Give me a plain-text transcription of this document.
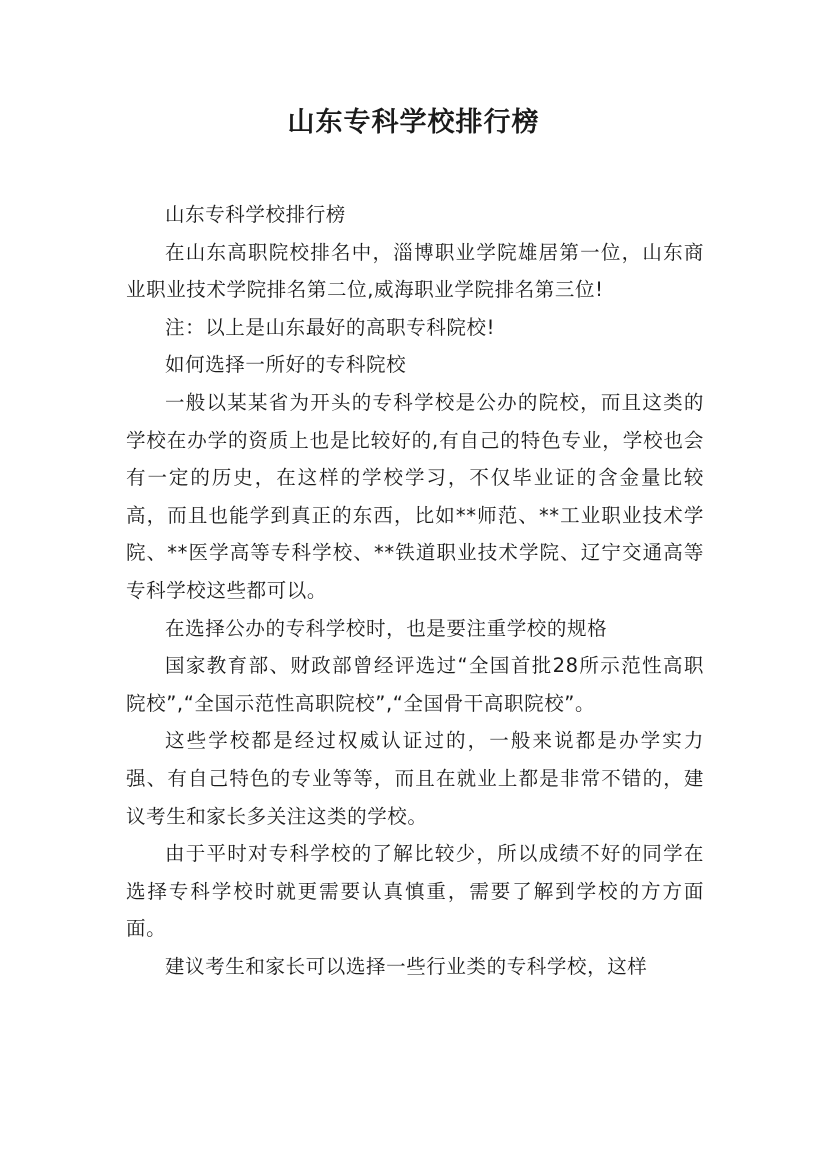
山东专科学校排行榜

山东专科学校排行榜

在山东高职院校排名中，淄博职业学院雄居第一位，山东商业职业技术学院排名第二位,威海职业学院排名第三位!

注：以上是山东最好的高职专科院校!

如何选择一所好的专科院校

一般以某某省为开头的专科学校是公办的院校，而且这类的学校在办学的资质上也是比较好的,有自己的特色专业，学校也会有一定的历史，在这样的学校学习，不仅毕业证的含金量比较高，而且也能学到真正的东西，比如**师范、**工业职业技术学院、**医学高等专科学校、**铁道职业技术学院、辽宁交通高等专科学校这些都可以。

在选择公办的专科学校时，也是要注重学校的规格

国家教育部、财政部曾经评选过“全国首批28所示范性高职院校”,“全国示范性高职院校”,“全国骨干高职院校”。

这些学校都是经过权威认证过的，一般来说都是办学实力强、有自己特色的专业等等，而且在就业上都是非常不错的，建议考生和家长多关注这类的学校。

由于平时对专科学校的了解比较少，所以成绩不好的同学在选择专科学校时就更需要认真慎重，需要了解到学校的方方面面。

建议考生和家长可以选择一些行业类的专科学校，这样
